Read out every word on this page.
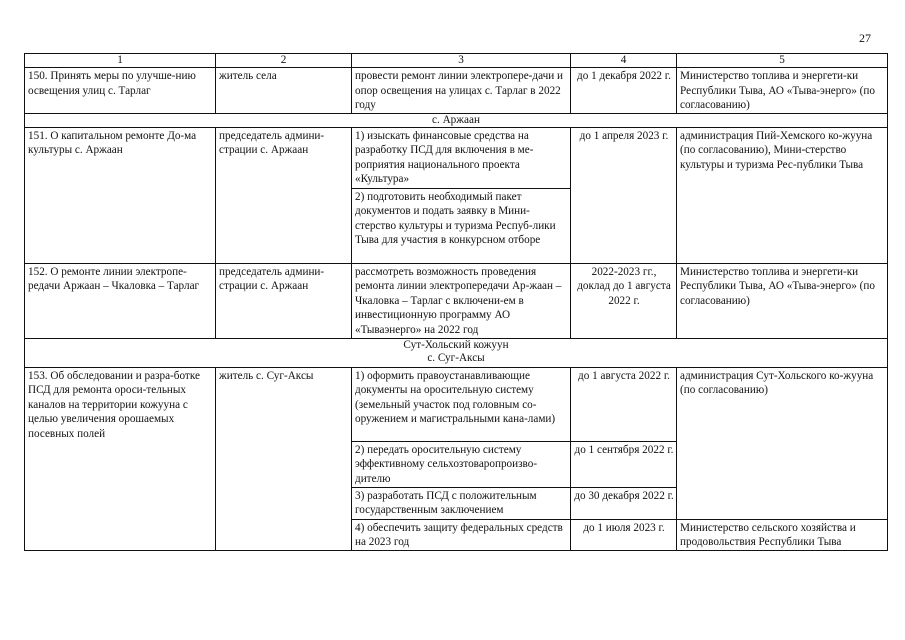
27
1	2	3	4	5
150. Принять меры по улучше-нию освещения улиц с. Тарлаг	житель села	провести ремонт линии электропере-дачи и опор освещения на улицах с. Тарлаг в 2022 году	до 1 декабря 2022 г.	Министерство топлива и энергети-ки Республики Тыва, АО «Тыва-энерго» (по согласованию)
с. Аржаан				
151. О капитальном ремонте До-ма культуры с. Аржаан	председатель админи-страции с. Аржаан	1) изыскать финансовые средства на разработку ПСД для включения в ме-роприятия национального проекта «Культура»	до 1 апреля 2023 г.	администрация Пий-Хемского ко-жууна (по согласованию), Мини-стерство культуры и туризма Рес-публики Тыва
		2) подготовить необходимый пакет документов и подать заявку в Мини-стерство культуры и туризма Респуб-лики Тыва для участия в конкурсном отборе		
152. О ремонте линии электропе-редачи Аржаан – Чкаловка – Тарлаг	председатель админи-страции с. Аржаан	рассмотреть возможность проведения ремонта линии электропередачи Ар-жаан – Чкаловка – Тарлаг с включени-ем в инвестиционную программу АО «Тываэнерго» на 2022 год	2022-2023 гг., доклад до 1 августа 2022 г.	Министерство топлива и энергети-ки Республики Тыва, АО «Тыва-энерго» (по согласованию)

Сут-Хольский кожуун
с. Суг-Аксы				

153. Об обследовании и разра-ботке ПСД для ремонта ороси-тельных каналов на территории кожууна с целью увеличения орошаемых посевных полей	житель с. Суг-Аксы	1) оформить правоустанавливающие документы на оросительную систему (земельный участок под головным со-оружением и магистральными кана-лами)	до 1 августа 2022 г.	администрация Сут-Хольского ко-жууна (по согласованию)
		2) передать оросительную систему эффективному сельхозтоваропроизво-дителю	до 1 сентября 2022 г.	
		3) разработать ПСД с положительным государственным заключением	до 30 декабря 2022 г.	
		4) обеспечить защиту федеральных средств на 2023 год	до 1 июля 2023 г.	Министерство сельского хозяйства и продовольствия Республики Тыва
